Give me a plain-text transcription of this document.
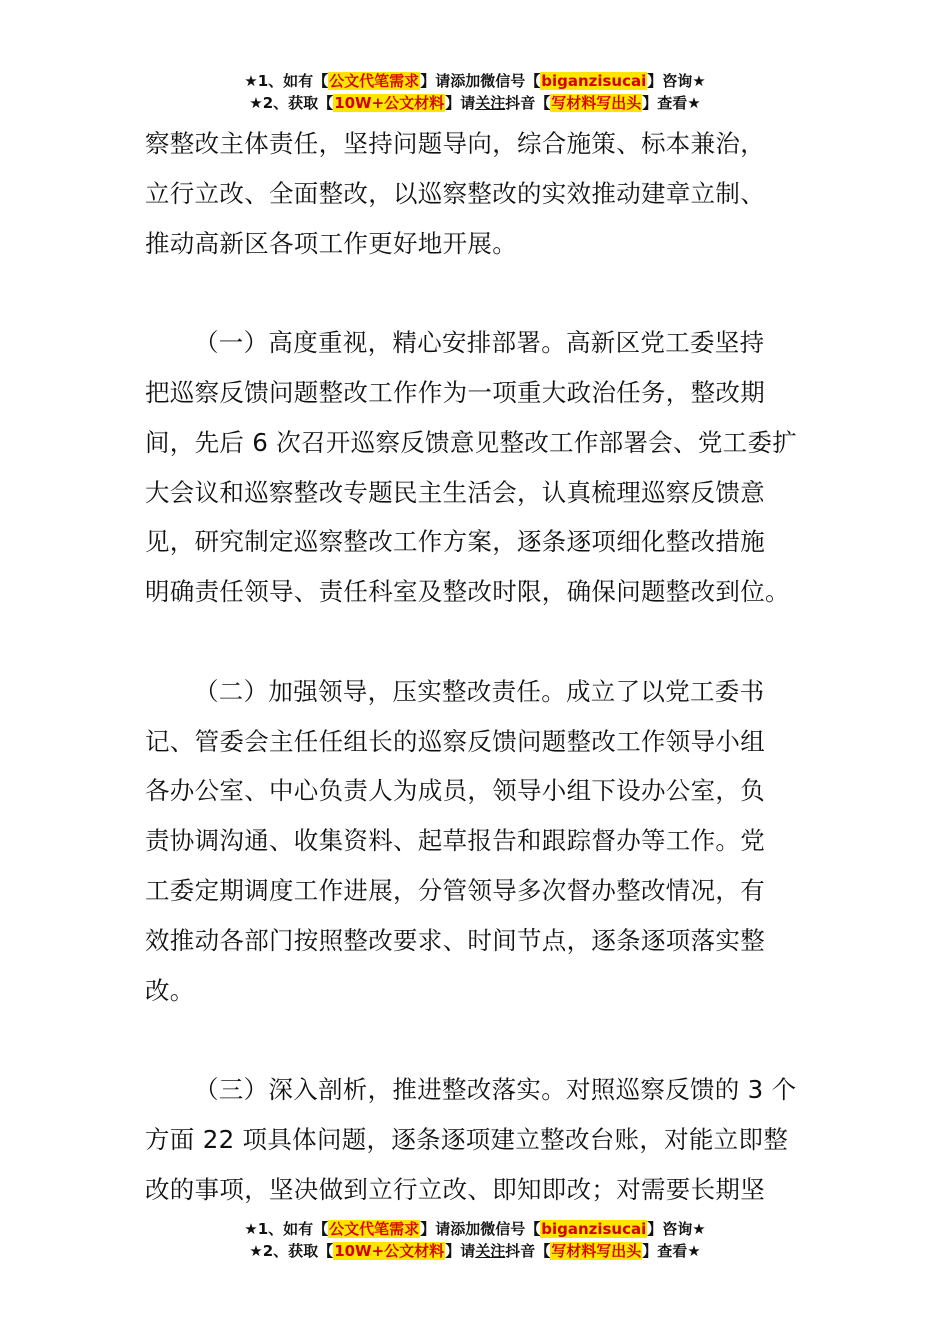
★1、如有【公文代笔需求】请添加微信号【biganzisucai】咨询★
★2、获取【10W+公文材料】请关注抖音【写材料写出头】查看★

察整改主体责任，坚持问题导向，综合施策、标本兼治，

立行立改、全面整改，以巡察整改的实效推动建章立制、

推动高新区各项工作更好地开展。

（一）高度重视，精心安排部署。高新区党工委坚持

把巡察反馈问题整改工作作为一项重大政治任务，整改期

间，先后 6 次召开巡察反馈意见整改工作部署会、党工委扩

大会议和巡察整改专题民主生活会，认真梳理巡察反馈意

见，研究制定巡察整改工作方案，逐条逐项细化整改措施

明确责任领导、责任科室及整改时限，确保问题整改到位。

（二）加强领导，压实整改责任。成立了以党工委书

记、管委会主任任组长的巡察反馈问题整改工作领导小组

各办公室、中心负责人为成员，领导小组下设办公室，负

责协调沟通、收集资料、起草报告和跟踪督办等工作。党

工委定期调度工作进展，分管领导多次督办整改情况，有

效推动各部门按照整改要求、时间节点，逐条逐项落实整

改。

（三）深入剖析，推进整改落实。对照巡察反馈的 3 个

方面 22 项具体问题，逐条逐项建立整改台账，对能立即整

改的事项，坚决做到立行立改、即知即改；对需要长期坚

★1、如有【公文代笔需求】请添加微信号【biganzisucai】咨询★
★2、获取【10W+公文材料】请关注抖音【写材料写出头】查看★
